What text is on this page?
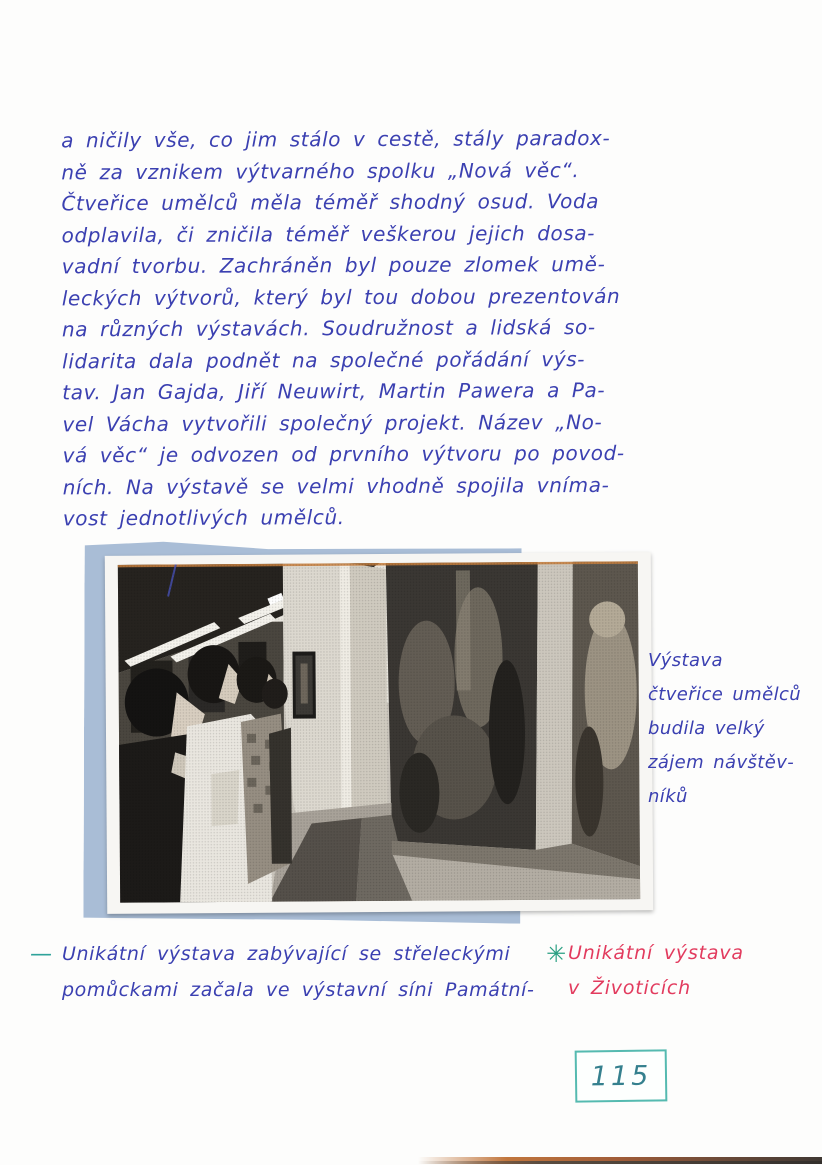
a ničily vše, co jim stálo v cestě, stály paradox-
ně za vznikem výtvarného spolku „Nová věc“.
Čtveřice umělců měla téměř shodný osud. Voda
odplavila, či zničila téměř veškerou jejich dosa-
vadní tvorbu. Zachráněn byl pouze zlomek umě-
leckých výtvorů, který byl tou dobou prezentován
na různých výstavách. Soudružnost a lidská so-
lidarita dala podnět na společné pořádání výs-
tav. Jan Gajda, Jiří Neuwirt, Martin Pawera a Pa-
vel Vácha vytvořili společný projekt. Název „No-
vá věc“ je odvozen od prvního výtvoru po povod-
ních. Na výstavě se velmi vhodně spojila vníma-
vost jednotlivých umělců.
Výstava
čtveřice umělců
budila velký
zájem návštěv-
níků
— Unikátní výstava zabývající se střeleckými
pomůckami začala ve výstavní síni Památní-
✳ Unikátní výstava
v Životicích
115
